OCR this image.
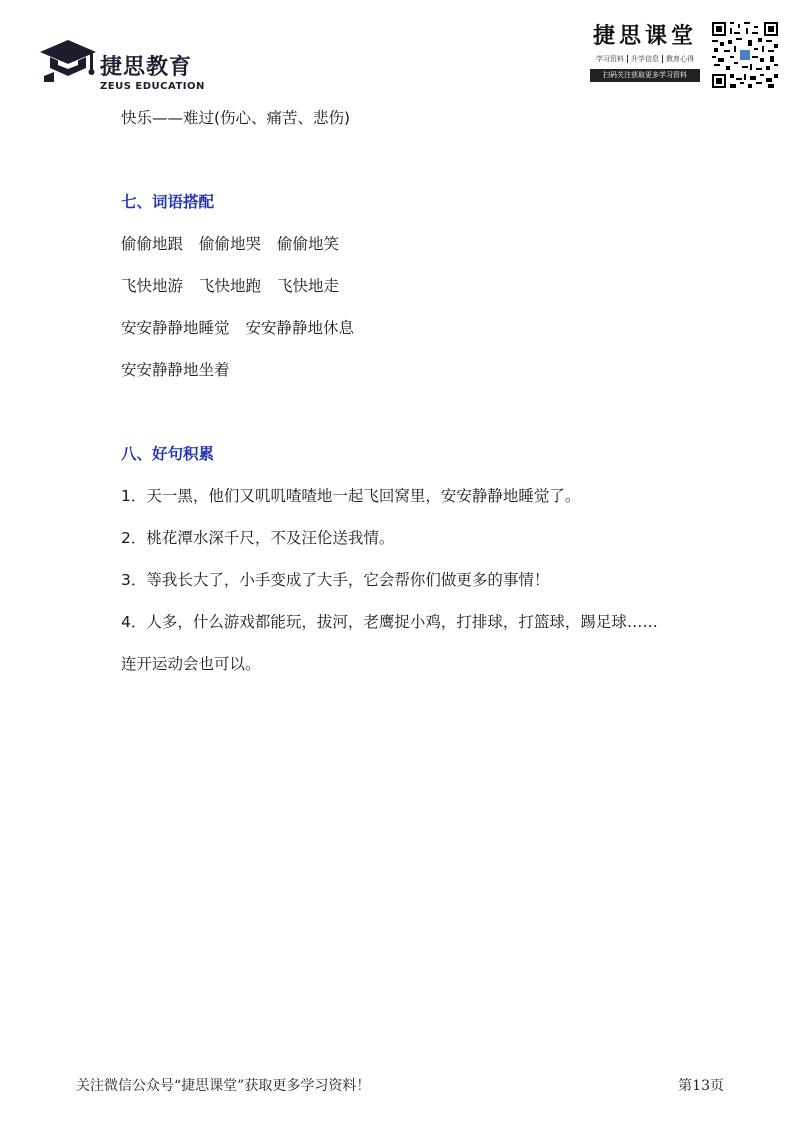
捷思教育
ZEUS EDUCATION
捷思课堂
学习资料 升学信息 教育心得
扫码关注获取更多学习资料
快乐——难过(伤心、痛苦、悲伤)
七、词语搭配
偷偷地跟 偷偷地哭 偷偷地笑
飞快地游 飞快地跑 飞快地走
安安静静地睡觉 安安静静地休息
安安静静地坐着
八、好句积累
1．天一黑，他们又叽叽喳喳地一起飞回窝里，安安静静地睡觉了。
2．桃花潭水深千尺，不及汪伦送我情。
3．等我长大了，小手变成了大手，它会帮你们做更多的事情！
4．人多，什么游戏都能玩，拔河，老鹰捉小鸡，打排球，打篮球，踢足球……
连开运动会也可以。
关注微信公众号“捷思课堂”获取更多学习资料！	第13页
